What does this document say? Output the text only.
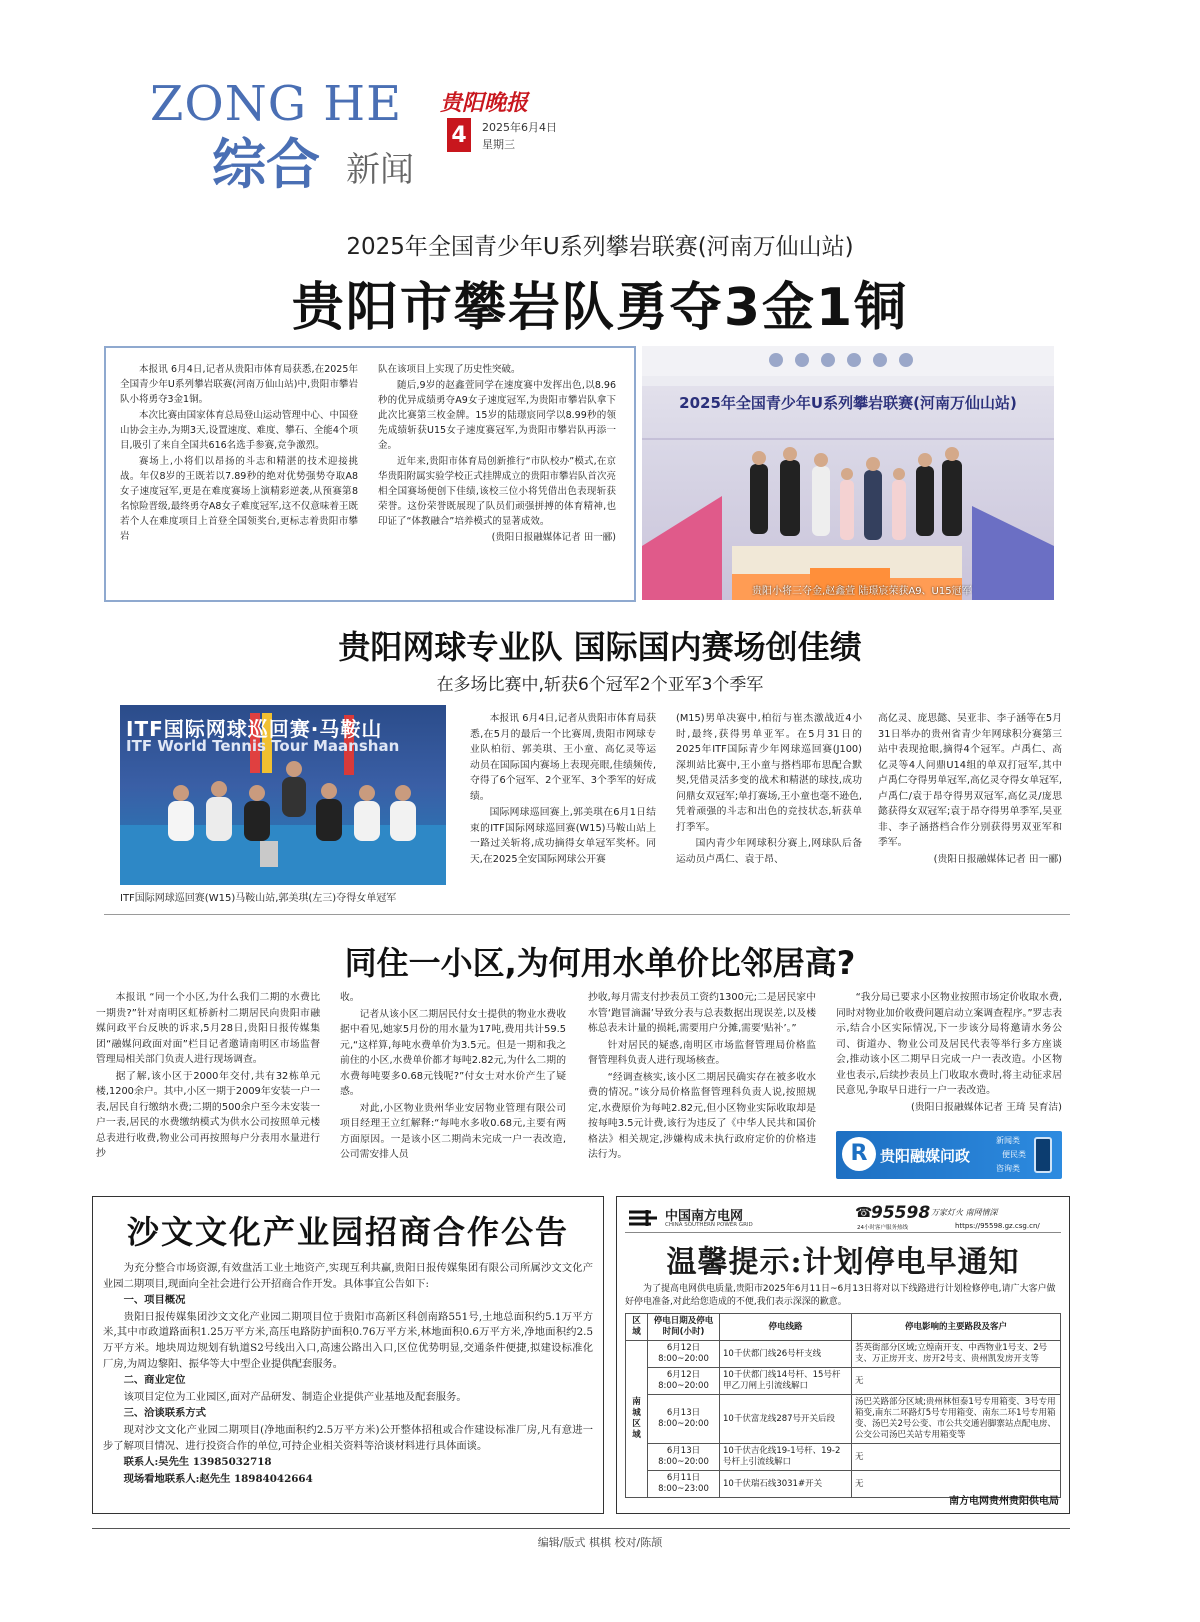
ZONG HE
综合 新闻
贵阳晚报
4	2025年6月4日
星期三
2025年全国青少年U系列攀岩联赛(河南万仙山站)
贵阳市攀岩队勇夺3金1铜

本报讯 6月4日,记者从贵阳市体育局获悉,在2025年全国青少年U系列攀岩联赛(河南万仙山站)中,贵阳市攀岩队小将勇夺3金1铜。

本次比赛由国家体育总局登山运动管理中心、中国登山协会主办,为期3天,设置速度、难度、攀石、全能4个项目,吸引了来自全国共616名选手参赛,竞争激烈。

赛场上,小将们以昂扬的斗志和精湛的技术迎接挑战。年仅8岁的王既若以7.89秒的绝对优势强势夺取A8女子速度冠军,更是在难度赛场上演精彩逆袭,从预赛第8名惊险晋级,最终勇夺A8女子难度冠军,这不仅意味着王既若个人在难度项目上首登全国领奖台,更标志着贵阳市攀岩

队在该项目上实现了历史性突破。

随后,9岁的赵鑫萱同学在速度赛中发挥出色,以8.96秒的优异成绩勇夺A9女子速度冠军,为贵阳市攀岩队拿下此次比赛第三枚金牌。15岁的陆璟宸同学以8.99秒的领先成绩斩获U15女子速度赛冠军,为贵阳市攀岩队再添一金。

近年来,贵阳市体育局创新推行“市队校办”模式,在京华贵阳附属实验学校正式挂牌成立的贵阳市攀岩队首次亮相全国赛场便创下佳绩,该校三位小将凭借出色表现斩获荣誉。这份荣誉既展现了队员们顽强拼搏的体育精神,也印证了“体教融合”培养模式的显著成效。

(贵阳日报融媒体记者 田一郦)

2025年全国青少年U系列攀岩联赛(河南万仙山站)
贵阳小将三夺金,赵鑫萱 陆璟宸荣获A9、U15冠军
贵阳网球专业队 国际国内赛场创佳绩
在多场比赛中,斩获6个冠军2个亚军3个季军
ITF国际网球巡回赛·马鞍山
ITF World Tennis Tour Maanshan
ITF国际网球巡回赛(W15)马鞍山站,郭美琪(左三)夺得女单冠军

本报讯 6月4日,记者从贵阳市体育局获悉,在5月的最后一个比赛周,贵阳市网球专业队柏衍、郭美琪、王小童、高亿灵等运动员在国际国内赛场上表现亮眼,佳绩频传,夺得了6个冠军、2个亚军、3个季军的好成绩。

国际网球巡回赛上,郭美琪在6月1日结束的ITF国际网球巡回赛(W15)马鞍山站上一路过关斩将,成功摘得女单冠军奖杯。同天,在2025全安国际网球公开赛

(M15)男单决赛中,柏衍与崔杰激战近4小时,最终,获得男单亚军。在5月31日的2025年ITF国际青少年网球巡回赛(J100)深圳站比赛中,王小童与搭档耶布思配合默契,凭借灵活多变的战术和精湛的球技,成功问鼎女双冠军;单打赛场,王小童也毫不逊色,凭着顽强的斗志和出色的竞技状态,斩获单打季军。

国内青少年网球积分赛上,网球队后备运动员卢禹仁、袁于昂、

高亿灵、庞思懿、吴亚非、李子涵等在5月31日举办的贵州省青少年网球积分赛第三站中表现抢眼,摘得4个冠军。卢禹仁、高亿灵等4人问鼎U14组的单双打冠军,其中卢禹仁夺得男单冠军,高亿灵夺得女单冠军,卢禹仁/袁于昂夺得男双冠军,高亿灵/庞思懿获得女双冠军;袁于昂夺得男单季军,吴亚非、李子涵搭档合作分别获得男双亚军和季军。

(贵阳日报融媒体记者 田一郦)

同住一小区,为何用水单价比邻居高?

本报讯 “同一个小区,为什么我们二期的水费比一期贵?”针对南明区虹桥新村二期居民向贵阳市融媒问政平台反映的诉求,5月28日,贵阳日报传媒集团“融媒问政面对面”栏目记者邀请南明区市场监督管理局相关部门负责人进行现场调查。

据了解,该小区于2000年交付,共有32栋单元楼,1200余户。其中,小区一期于2009年安装一户一表,居民自行缴纳水费;二期的500余户至今未安装一户一表,居民的水费缴纳模式为供水公司按照单元楼总表进行收费,物业公司再按照每户分表用水量进行抄

收。

记者从该小区二期居民付女士提供的物业水费收据中看见,她家5月份的用水量为17吨,费用共计59.5元,“这样算,每吨水费单价为3.5元。但是一期和我之前住的小区,水费单价都才每吨2.82元,为什么二期的水费每吨要多0.68元钱呢?”付女士对水价产生了疑惑。

对此,小区物业贵州华业安居物业管理有限公司项目经理王立红解释:“每吨水多收0.68元,主要有两方面原因。一是该小区二期尚未完成一户一表改造,公司需安排人员

抄收,每月需支付抄表员工资约1300元;二是居民家中水管‘跑冒滴漏’导致分表与总表数据出现误差,以及楼栋总表未计量的损耗,需要用户分摊,需要‘贴补’。”

针对居民的疑惑,南明区市场监督管理局价格监督管理科负责人进行现场核查。

“经调查核实,该小区二期居民确实存在被多收水费的情况。”该分局价格监督管理科负责人说,按照规定,水费原价为每吨2.82元,但小区物业实际收取却是按每吨3.5元计费,该行为违反了《中华人民共和国价格法》相关规定,涉嫌构成未执行政府定价的价格违法行为。

“我分局已要求小区物业按照市场定价收取水费,同时对物业加价收费问题启动立案调查程序。”罗志表示,结合小区实际情况,下一步该分局将邀请水务公司、街道办、物业公司及居民代表等举行多方座谈会,推动该小区二期早日完成一户一表改造。小区物业也表示,后续抄表员上门收取水费时,将主动征求居民意见,争取早日进行一户一表改造。

(贵阳日报融媒体记者 王琦 吴育洁)

R 贵阳融媒问政
新闻类
便民类
咨询类
沙文文化产业园招商合作公告

为充分整合市场资源,有效盘活工业土地资产,实现互利共赢,贵阳日报传媒集团有限公司所属沙文文化产业园二期项目,现面向全社会进行公开招商合作开发。具体事宜公告如下:

一、项目概况

贵阳日报传媒集团沙文文化产业园二期项目位于贵阳市高新区科创南路551号,土地总面积约5.1万平方米,其中市政道路面积1.25万平方米,高压电路防护面积0.76万平方米,林地面积0.6万平方米,净地面积约2.5万平方米。地块周边规划有轨道S2号线出入口,高速公路出入口,区位优势明显,交通条件便捷,拟建设标准化厂房,为周边黎阳、振华等大中型企业提供配套服务。

二、商业定位

该项目定位为工业园区,面对产品研发、制造企业提供产业基地及配套服务。

三、洽谈联系方式

现对沙文文化产业园二期项目(净地面积约2.5万平方米)公开整体招租或合作建设标准厂房,凡有意进一步了解项目情况、进行投资合作的单位,可持企业相关资料等洽谈材料进行具体面谈。

联系人:吴先生 13985032718

现场看地联系人:赵先生 18984042664

中国南方电网
CHINA SOUTHERN POWER GRID
☎
95598 万家灯火 南网情深
24小时客户服务热线	https://95598.gz.csg.cn/
温馨提示:计划停电早通知
为了提高电网供电质量,贵阳市2025年6月11日~6月13日将对以下线路进行计划检修停电,请广大客户做好停电准备,对此给您造成的不便,我们表示深深的歉意。
区域	停电日期及停电时间(小时)	停电线路	停电影响的主要路段及客户
南城区域	6月12日 8:00~20:00	10千伏都门线26号杆支线	荟英街部分区域;立煌南开支、中西物业1号支、2号支、万正房开支、房开2号支、贵州凯发房开支等
	6月12日 8:00~20:00	10千伏都门线14号杆、15号杆甲乙刀闸上引流线解口	无
	6月13日 8:00~20:00	10千伏富龙线287号开关后段	汤巴关路部分区域;贵州林恒泰1号专用箱变、3号专用箱变,南东二环路灯5号专用箱变、南东二环1号专用箱变、汤巴关2号公变、市公共交通岩脚寨站点配电房、公交公司汤巴关站专用箱变等
	6月13日 8:00~20:00	10千伏吉化线19-1号杆、19-2号杆上引流线解口	无
	6月11日 8:00~23:00	10千伏瑞石线3031#开关	无
南方电网贵州贵阳供电局
编辑/版式 棋棋 校对/陈颉
